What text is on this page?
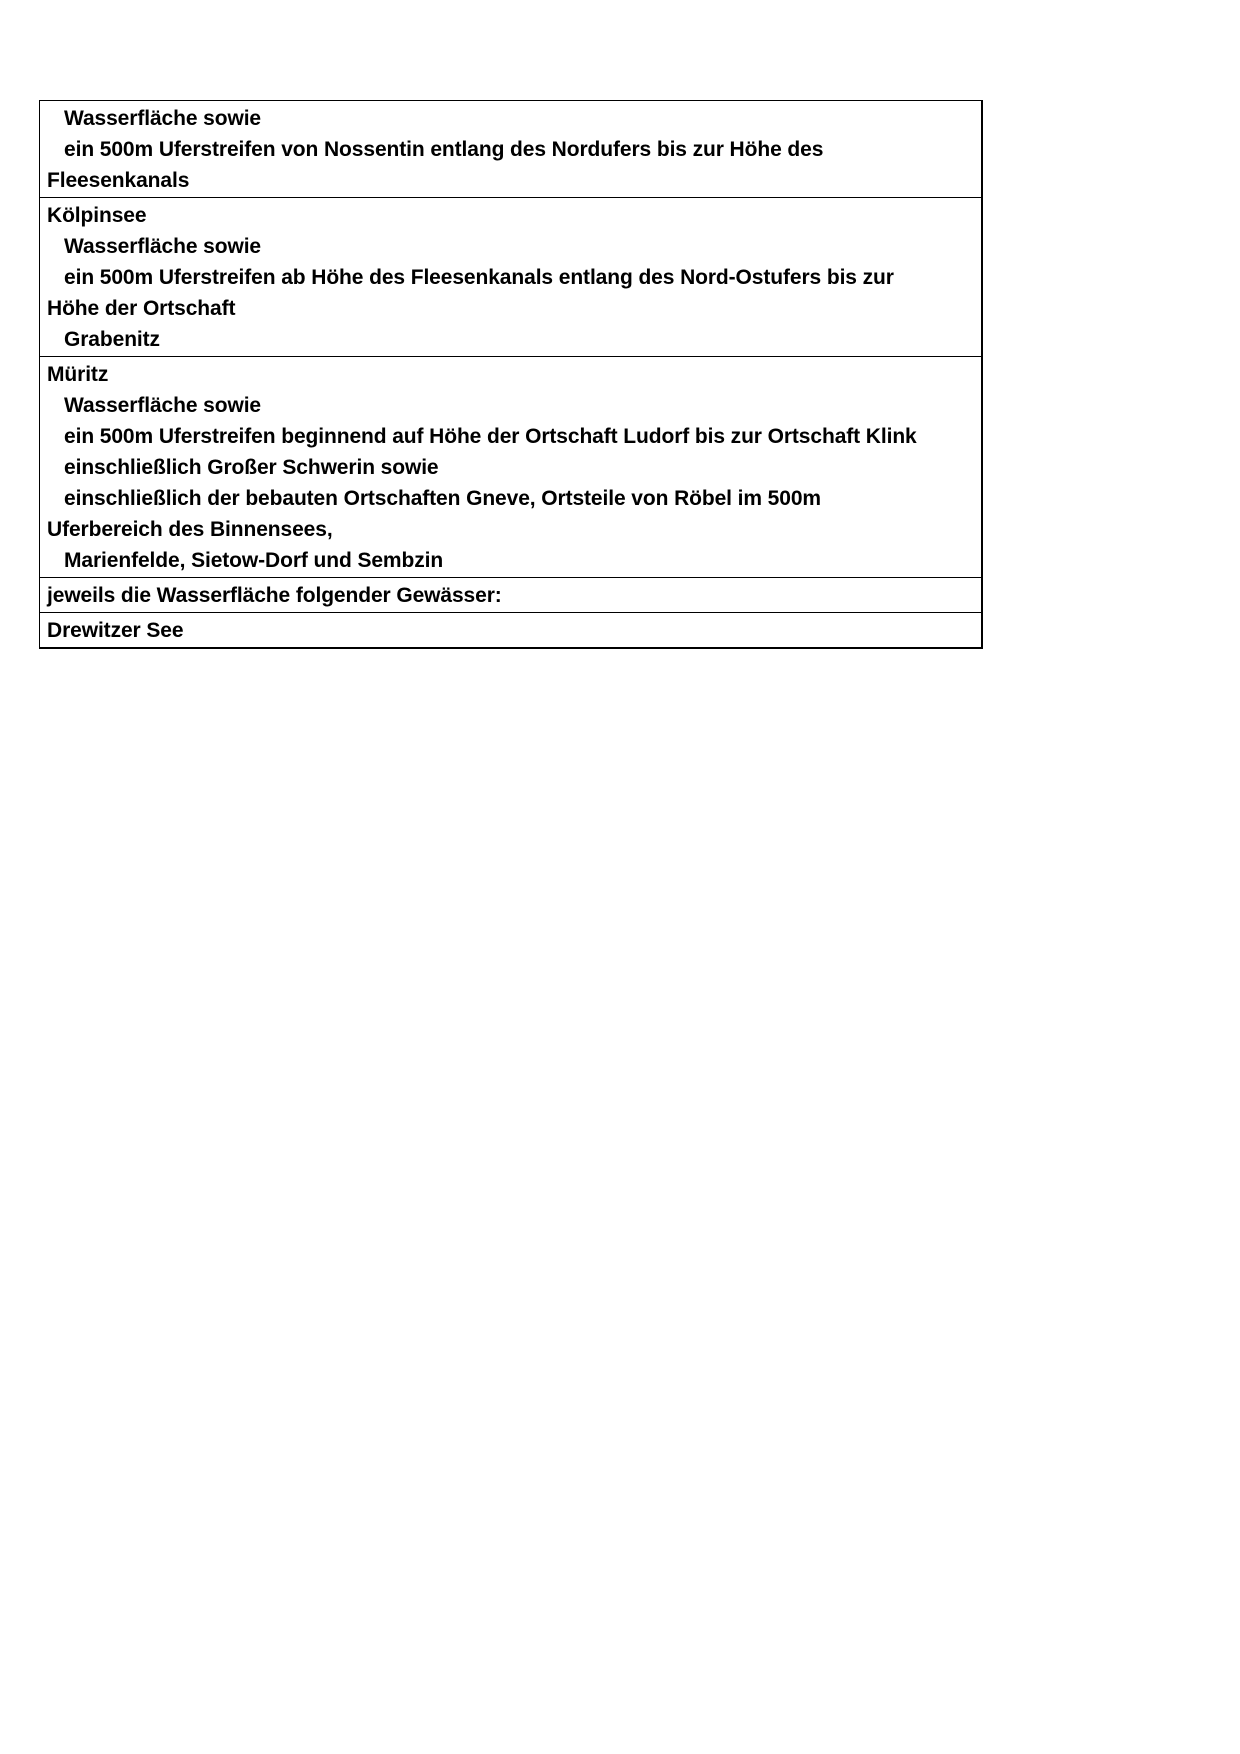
Wasserfläche sowie
ein 500m Uferstreifen von Nossentin entlang des Nordufers bis zur Höhe des
Fleesenkanals
Kölpinsee
Wasserfläche sowie
ein 500m Uferstreifen ab Höhe des Fleesenkanals entlang des Nord-Ostufers bis zur
Höhe der Ortschaft
Grabenitz
Müritz
Wasserfläche sowie
ein 500m Uferstreifen beginnend auf Höhe der Ortschaft Ludorf bis zur Ortschaft Klink
einschließlich Großer Schwerin sowie
einschließlich der bebauten Ortschaften Gneve, Ortsteile von Röbel im 500m
Uferbereich des Binnensees,
Marienfelde, Sietow-Dorf und Sembzin
jeweils die Wasserfläche folgender Gewässer:
Drewitzer See
